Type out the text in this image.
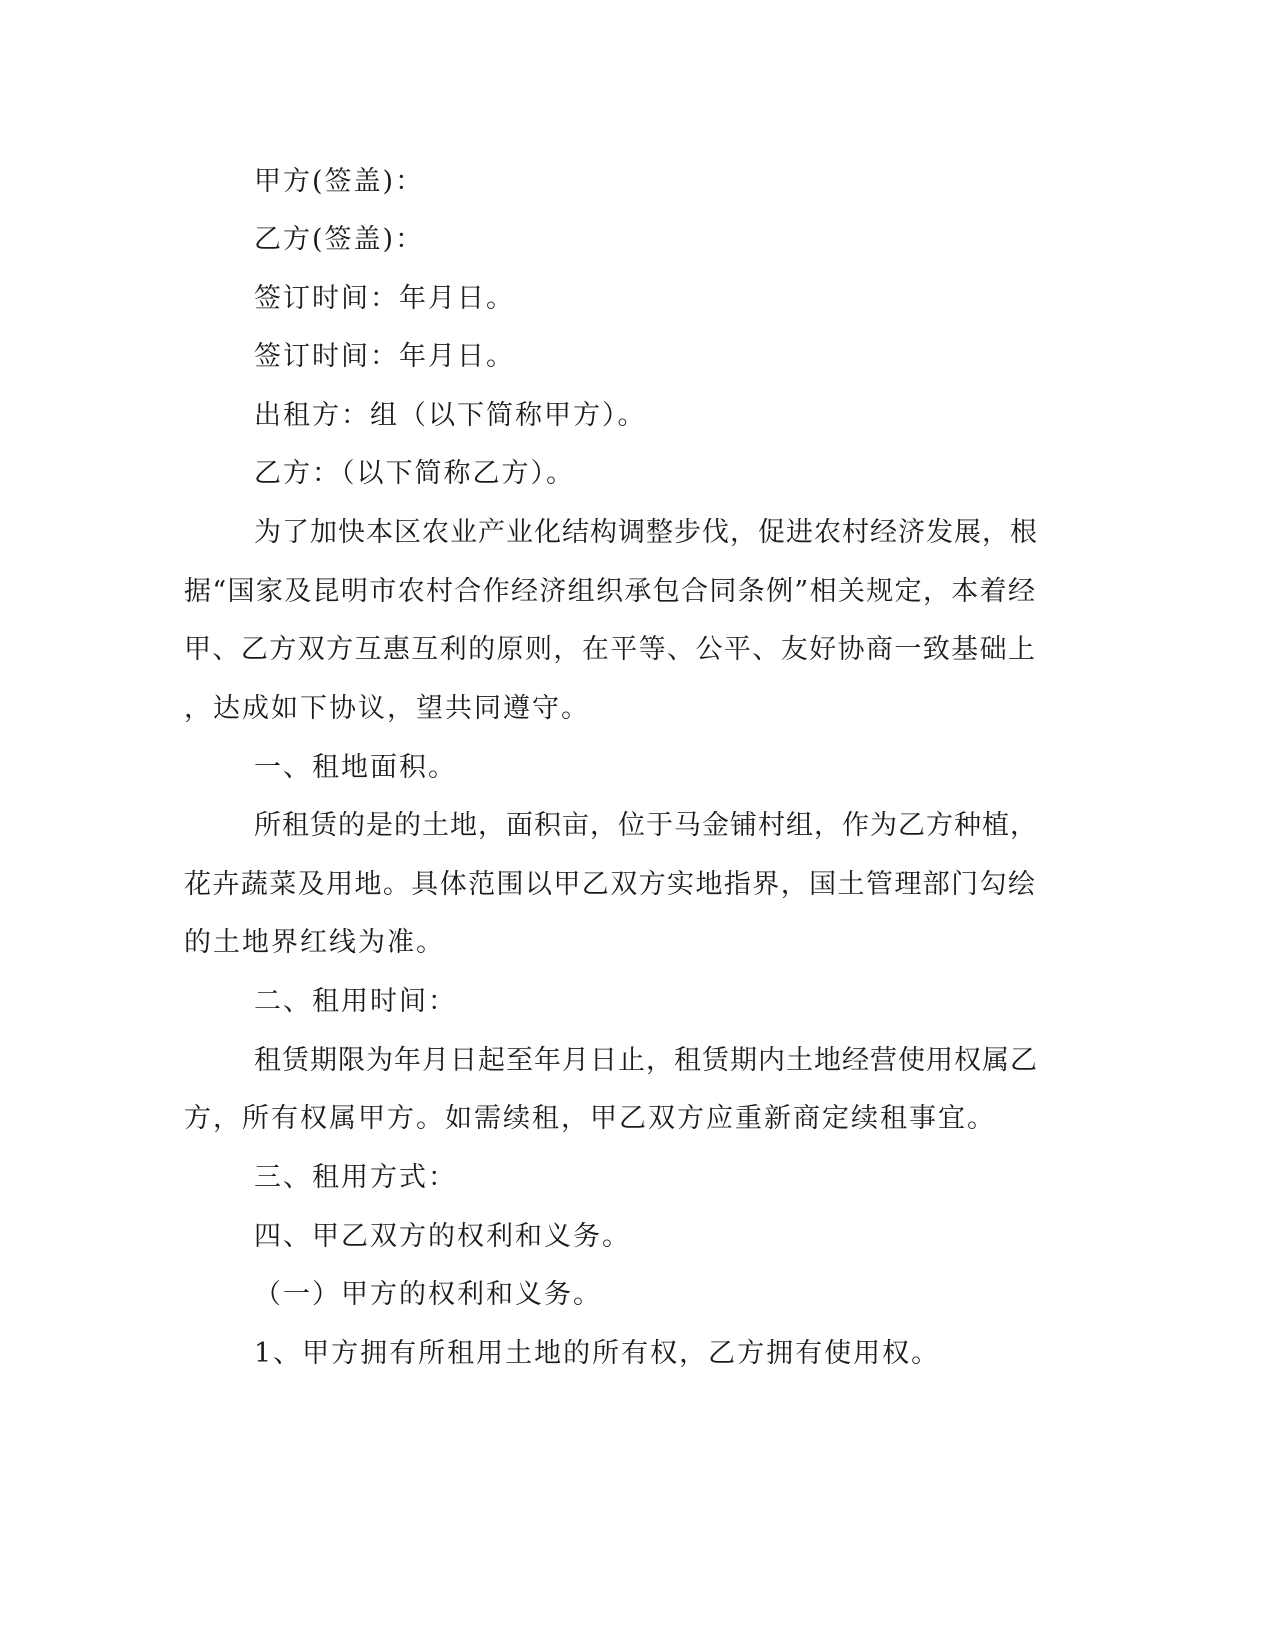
甲方(签盖)：
乙方(签盖)：
签订时间：年月日。
签订时间：年月日。
出租方：组（以下简称甲方）。
乙方：（以下简称乙方）。
为了加快本区农业产业化结构调整步伐，促进农村经济发展，根
据“国家及昆明市农村合作经济组织承包合同条例”相关规定，本着经
甲、乙方双方互惠互利的原则，在平等、公平、友好协商一致基础上
，达成如下协议，望共同遵守。
一、租地面积。
所租赁的是的土地，面积亩，位于马金铺村组，作为乙方种植，
花卉蔬菜及用地。具体范围以甲乙双方实地指界，国土管理部门勾绘
的土地界红线为准。
二、租用时间：
租赁期限为年月日起至年月日止，租赁期内土地经营使用权属乙
方，所有权属甲方。如需续租，甲乙双方应重新商定续租事宜。
三、租用方式：
四、甲乙双方的权利和义务。
（一）甲方的权利和义务。
1、甲方拥有所租用土地的所有权，乙方拥有使用权。
